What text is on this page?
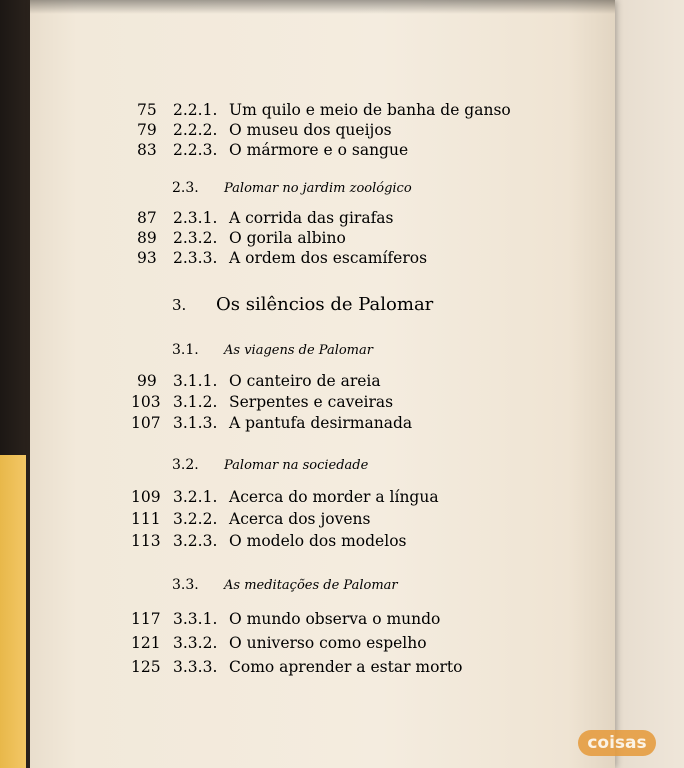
75 2.2.1. Um quilo e meio de banha de ganso
79 2.2.2. O museu dos queijos
83 2.2.3. O mármore e o sangue
2.3. Palomar no jardim zoológico
87 2.3.1. A corrida das girafas
89 2.3.2. O gorila albino
93 2.3.3. A ordem dos escamíferos
3. Os silêncios de Palomar
3.1. As viagens de Palomar
99 3.1.1. O canteiro de areia
103 3.1.2. Serpentes e caveiras
107 3.1.3. A pantufa desirmanada
3.2. Palomar na sociedade
109 3.2.1. Acerca do morder a língua
111 3.2.2. Acerca dos jovens
113 3.2.3. O modelo dos modelos
3.3. As meditações de Palomar
117 3.3.1. O mundo observa o mundo
121 3.3.2. O universo como espelho
125 3.3.3. Como aprender a estar morto
coisas
